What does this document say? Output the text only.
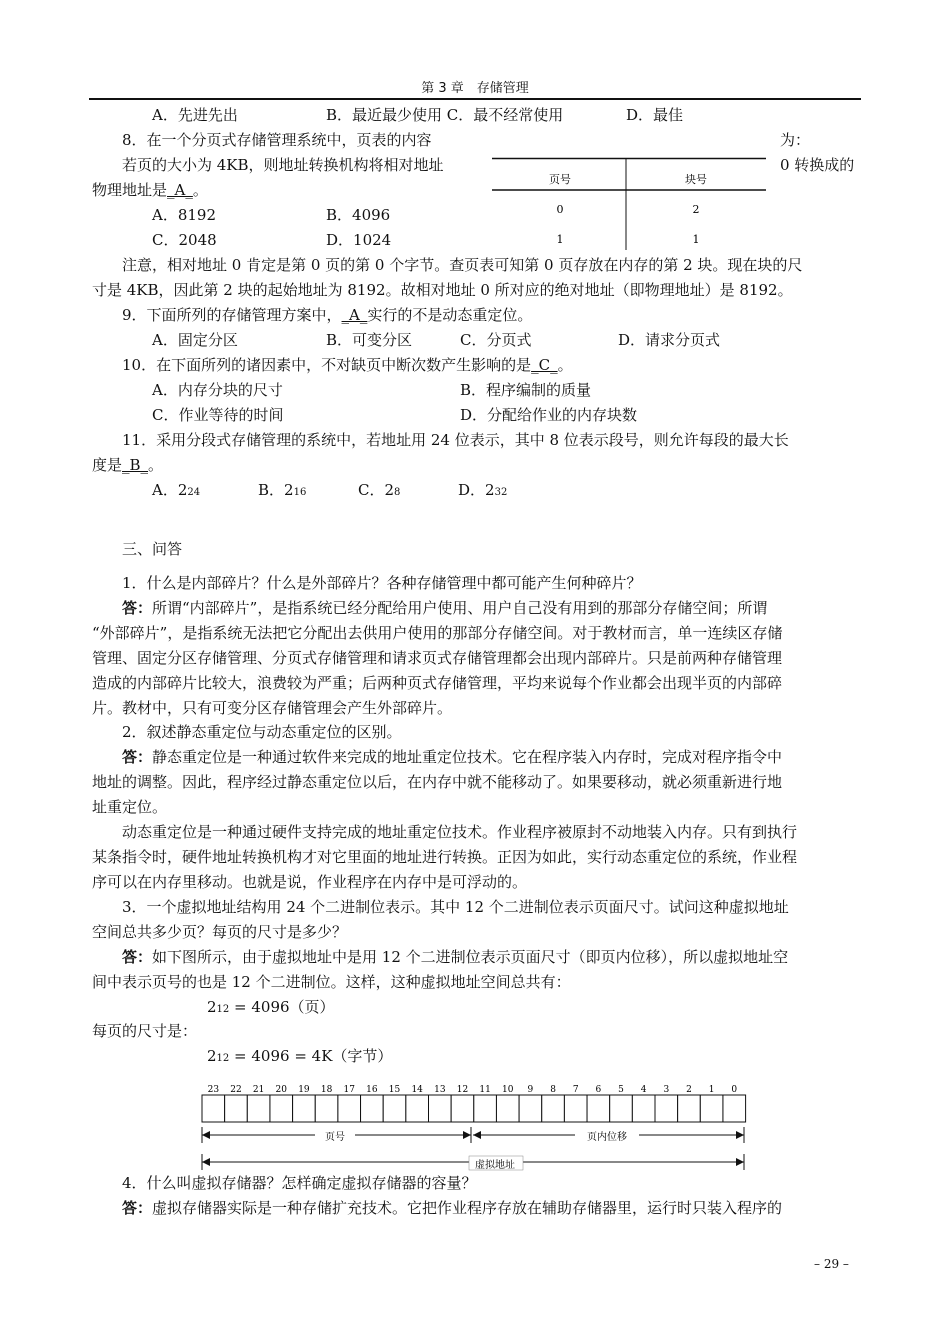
第 3 章　存储管理
A．先进先出	B．最近最少使用 C．最不经常使用	D．最佳
8．在一个分页式存储管理系统中，页表的内容	为：
若页的大小为 4KB，则地址转换机构将相对地址	0 转换成的
物理地址是_A_。
页号	块号
0	2
1	1
A．8192	B．4096
C．2048	D．1024
注意，相对地址 0 肯定是第 0 页的第 0 个字节。查页表可知第 0 页存放在内存的第 2 块。现在块的尺
寸是 4KB，因此第 2 块的起始地址为 8192。故相对地址 0 所对应的绝对地址（即物理地址）是 8192。
9．下面所列的存储管理方案中，_A_实行的不是动态重定位。
A．固定分区	B．可变分区	C．分页式	D．请求分页式
10．在下面所列的诸因素中，不对缺页中断次数产生影响的是_C_。
A．内存分块的尺寸	B．程序编制的质量
C．作业等待的时间	D．分配给作业的内存块数
11．采用分段式存储管理的系统中，若地址用 24 位表示，其中 8 位表示段号，则允许每段的最大长
度是_B_。
A．224	B．216	C．28	D．232
三、问答
1．什么是内部碎片？什么是外部碎片？各种存储管理中都可能产生何种碎片？
答：所谓“内部碎片”，是指系统已经分配给用户使用、用户自己没有用到的那部分存储空间；所谓
“外部碎片”，是指系统无法把它分配出去供用户使用的那部分存储空间。对于教材而言，单一连续区存储
管理、固定分区存储管理、分页式存储管理和请求页式存储管理都会出现内部碎片。只是前两种存储管理
造成的内部碎片比较大，浪费较为严重；后两种页式存储管理，平均来说每个作业都会出现半页的内部碎
片。教材中，只有可变分区存储管理会产生外部碎片。
2．叙述静态重定位与动态重定位的区别。
答：静态重定位是一种通过软件来完成的地址重定位技术。它在程序装入内存时，完成对程序指令中
地址的调整。因此，程序经过静态重定位以后，在内存中就不能移动了。如果要移动，就必须重新进行地
址重定位。
动态重定位是一种通过硬件支持完成的地址重定位技术。作业程序被原封不动地装入内存。只有到执行
某条指令时，硬件地址转换机构才对它里面的地址进行转换。正因为如此，实行动态重定位的系统，作业程
序可以在内存里移动。也就是说，作业程序在内存中是可浮动的。
3．一个虚拟地址结构用 24 个二进制位表示。其中 12 个二进制位表示页面尺寸。试问这种虚拟地址
空间总共多少页？每页的尺寸是多少？
答：如下图所示，由于虚拟地址中是用 12 个二进制位表示页面尺寸（即页内位移），所以虚拟地址空
间中表示页号的也是 12 个二进制位。这样，这种虚拟地址空间总共有：
212 = 4096（页）
每页的尺寸是：
212 = 4096 = 4K（字节）
23 22 21 20 19 18 17 16 15 14 13 12 11 10 9 8 7 6 5 4 3 2 1 0
页号	页内位移
虚拟地址
4．什么叫虚拟存储器？怎样确定虚拟存储器的容量？
答：虚拟存储器实际是一种存储扩充技术。它把作业程序存放在辅助存储器里，运行时只装入程序的
– 29 –
